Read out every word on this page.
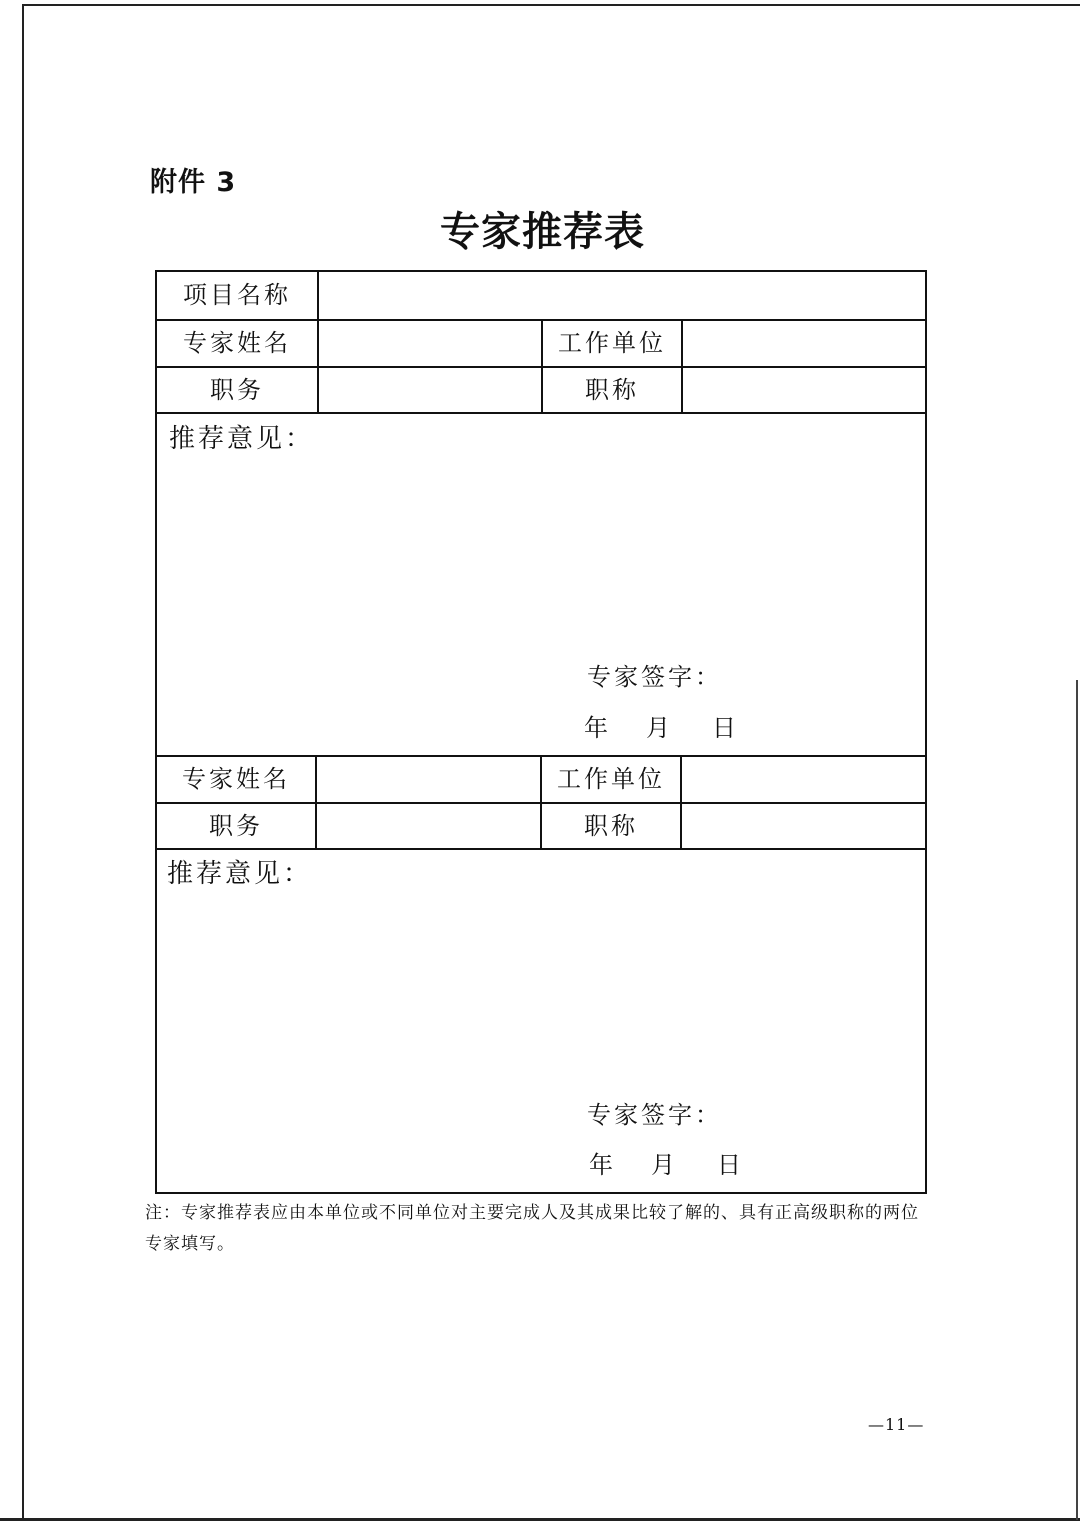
附件 3
专家推荐表
项目名称
专家姓名	工作单位
职务	职称
推荐意见：
专家签字：
年 月 日
专家姓名	工作单位
职务	职称
推荐意见：
专家签字：
年 月 日
注：专家推荐表应由本单位或不同单位对主要完成人及其成果比较了解的、具有正高级职称的两位专家填写。
—11—
